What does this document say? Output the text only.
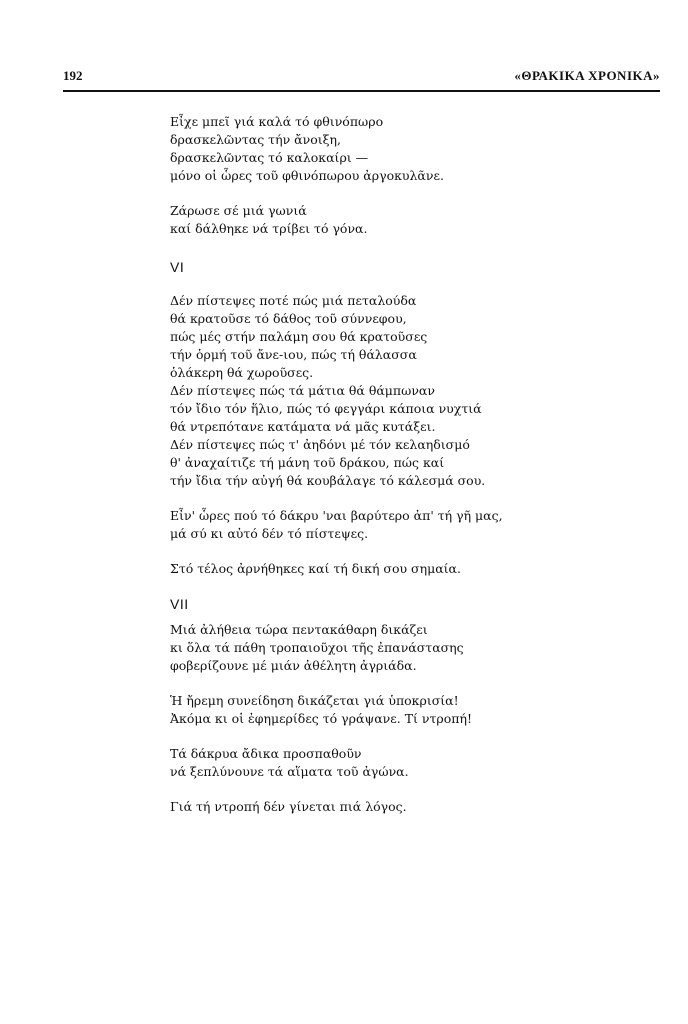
192	«ΘΡΑΚΙΚΑ ΧΡΟΝΙΚΑ»
Εἶχε μπεῖ γιά καλά τό φθινόπωρο
δρασκελῶντας τήν ἄνοιξη,
δρασκελῶντας τό καλοκαίρι —
μόνο οἱ ὧρες τοῦ φθινόπωρου ἀργοκυλᾶνε.
Ζάρωσε σέ μιά γωνιά
καί δάλθηκε νά τρίβει τό γόνα.
VI
Δέν πίστεψες ποτέ πώς μιά πεταλούδα
θά κρατοῦσε τό δάθος τοῦ σύννεφου,
πώς μές στήν παλάμη σου θά κρατοῦσες
τήν ὁρμή τοῦ ἄνε-ιου, πώς τή θάλασσα
ὁλάκερη θά χωροῦσες.
Δέν πίστεψες πώς τά μάτια θά θάμπωναν
τόν ἴδιο τόν ἥλιο, πώς τό φεγγάρι κάποια νυχτιά
θά ντρεπότανε κατάματα νά μᾶς κυτάξει.
Δέν πίστεψες πώς τ' ἀηδόνι μέ τόν κελαηδισμό
θ' ἀναχαίτιζε τή μάνη τοῦ δράκου, πώς καί
τήν ἴδια τήν αὐγή θά κουβάλαγε τό κάλεσμά σου.
Εἶν' ὧρες πού τό δάκρυ 'ναι βαρύτερο ἀπ' τή γῆ μας,
μά σύ κι αὐτό δέν τό πίστεψες.
Στό τέλος ἀρνήθηκες καί τή δική σου σημαία.
VII
Μιά ἀλήθεια τώρα πεντακάθαρη δικάζει
κι ὅλα τά πάθη τροπαιοῦχοι τῆς ἐπανάστασης
φοβερίζουνε μέ μιάν ἀθέλητη ἀγριάδα.
Ἡ ἤρεμη συνείδηση δικάζεται γιά ὑποκρισία!
Ἀκόμα κι οἱ ἐφημερίδες τό γράψανε. Τί ντροπή!
Τά δάκρυα ἄδικα προσπαθοῦν
νά ξεπλύνουνε τά αἵματα τοῦ ἀγώνα.
Γιά τή ντροπή δέν γίνεται πιά λόγος.
